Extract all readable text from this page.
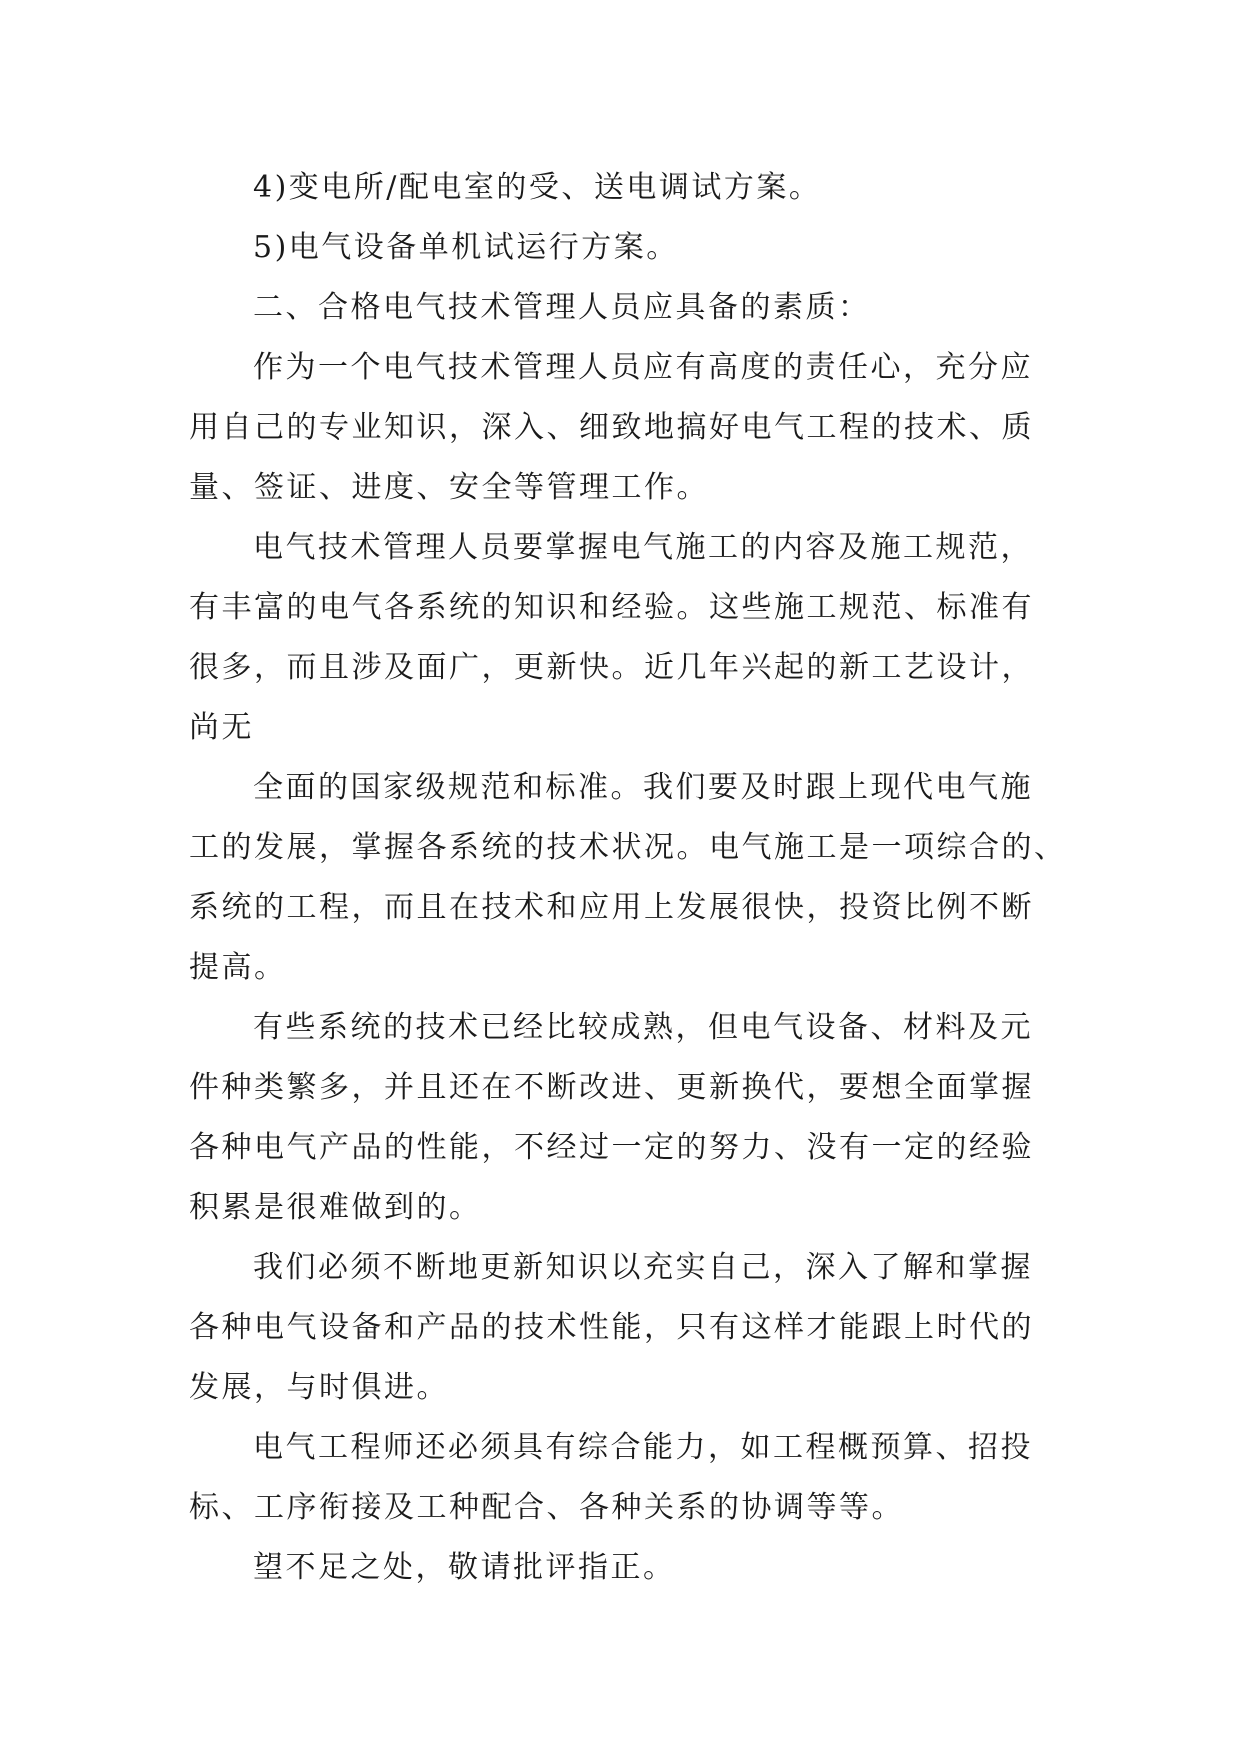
4)变电所/配电室的受、送电调试方案。

5)电气设备单机试运行方案。

二、合格电气技术管理人员应具备的素质：

作为一个电气技术管理人员应有高度的责任心，充分应
用自己的专业知识，深入、细致地搞好电气工程的技术、质
量、签证、进度、安全等管理工作。

电气技术管理人员要掌握电气施工的内容及施工规范，
有丰富的电气各系统的知识和经验。这些施工规范、标准有
很多，而且涉及面广，更新快。近几年兴起的新工艺设计，
尚无

全面的国家级规范和标准。我们要及时跟上现代电气施
工的发展，掌握各系统的技术状况。电气施工是一项综合的、
系统的工程，而且在技术和应用上发展很快，投资比例不断
提高。

有些系统的技术已经比较成熟，但电气设备、材料及元
件种类繁多，并且还在不断改进、更新换代，要想全面掌握
各种电气产品的性能，不经过一定的努力、没有一定的经验
积累是很难做到的。

我们必须不断地更新知识以充实自己，深入了解和掌握
各种电气设备和产品的技术性能，只有这样才能跟上时代的
发展，与时俱进。

电气工程师还必须具有综合能力，如工程概预算、招投
标、工序衔接及工种配合、各种关系的协调等等。

望不足之处，敬请批评指正。
